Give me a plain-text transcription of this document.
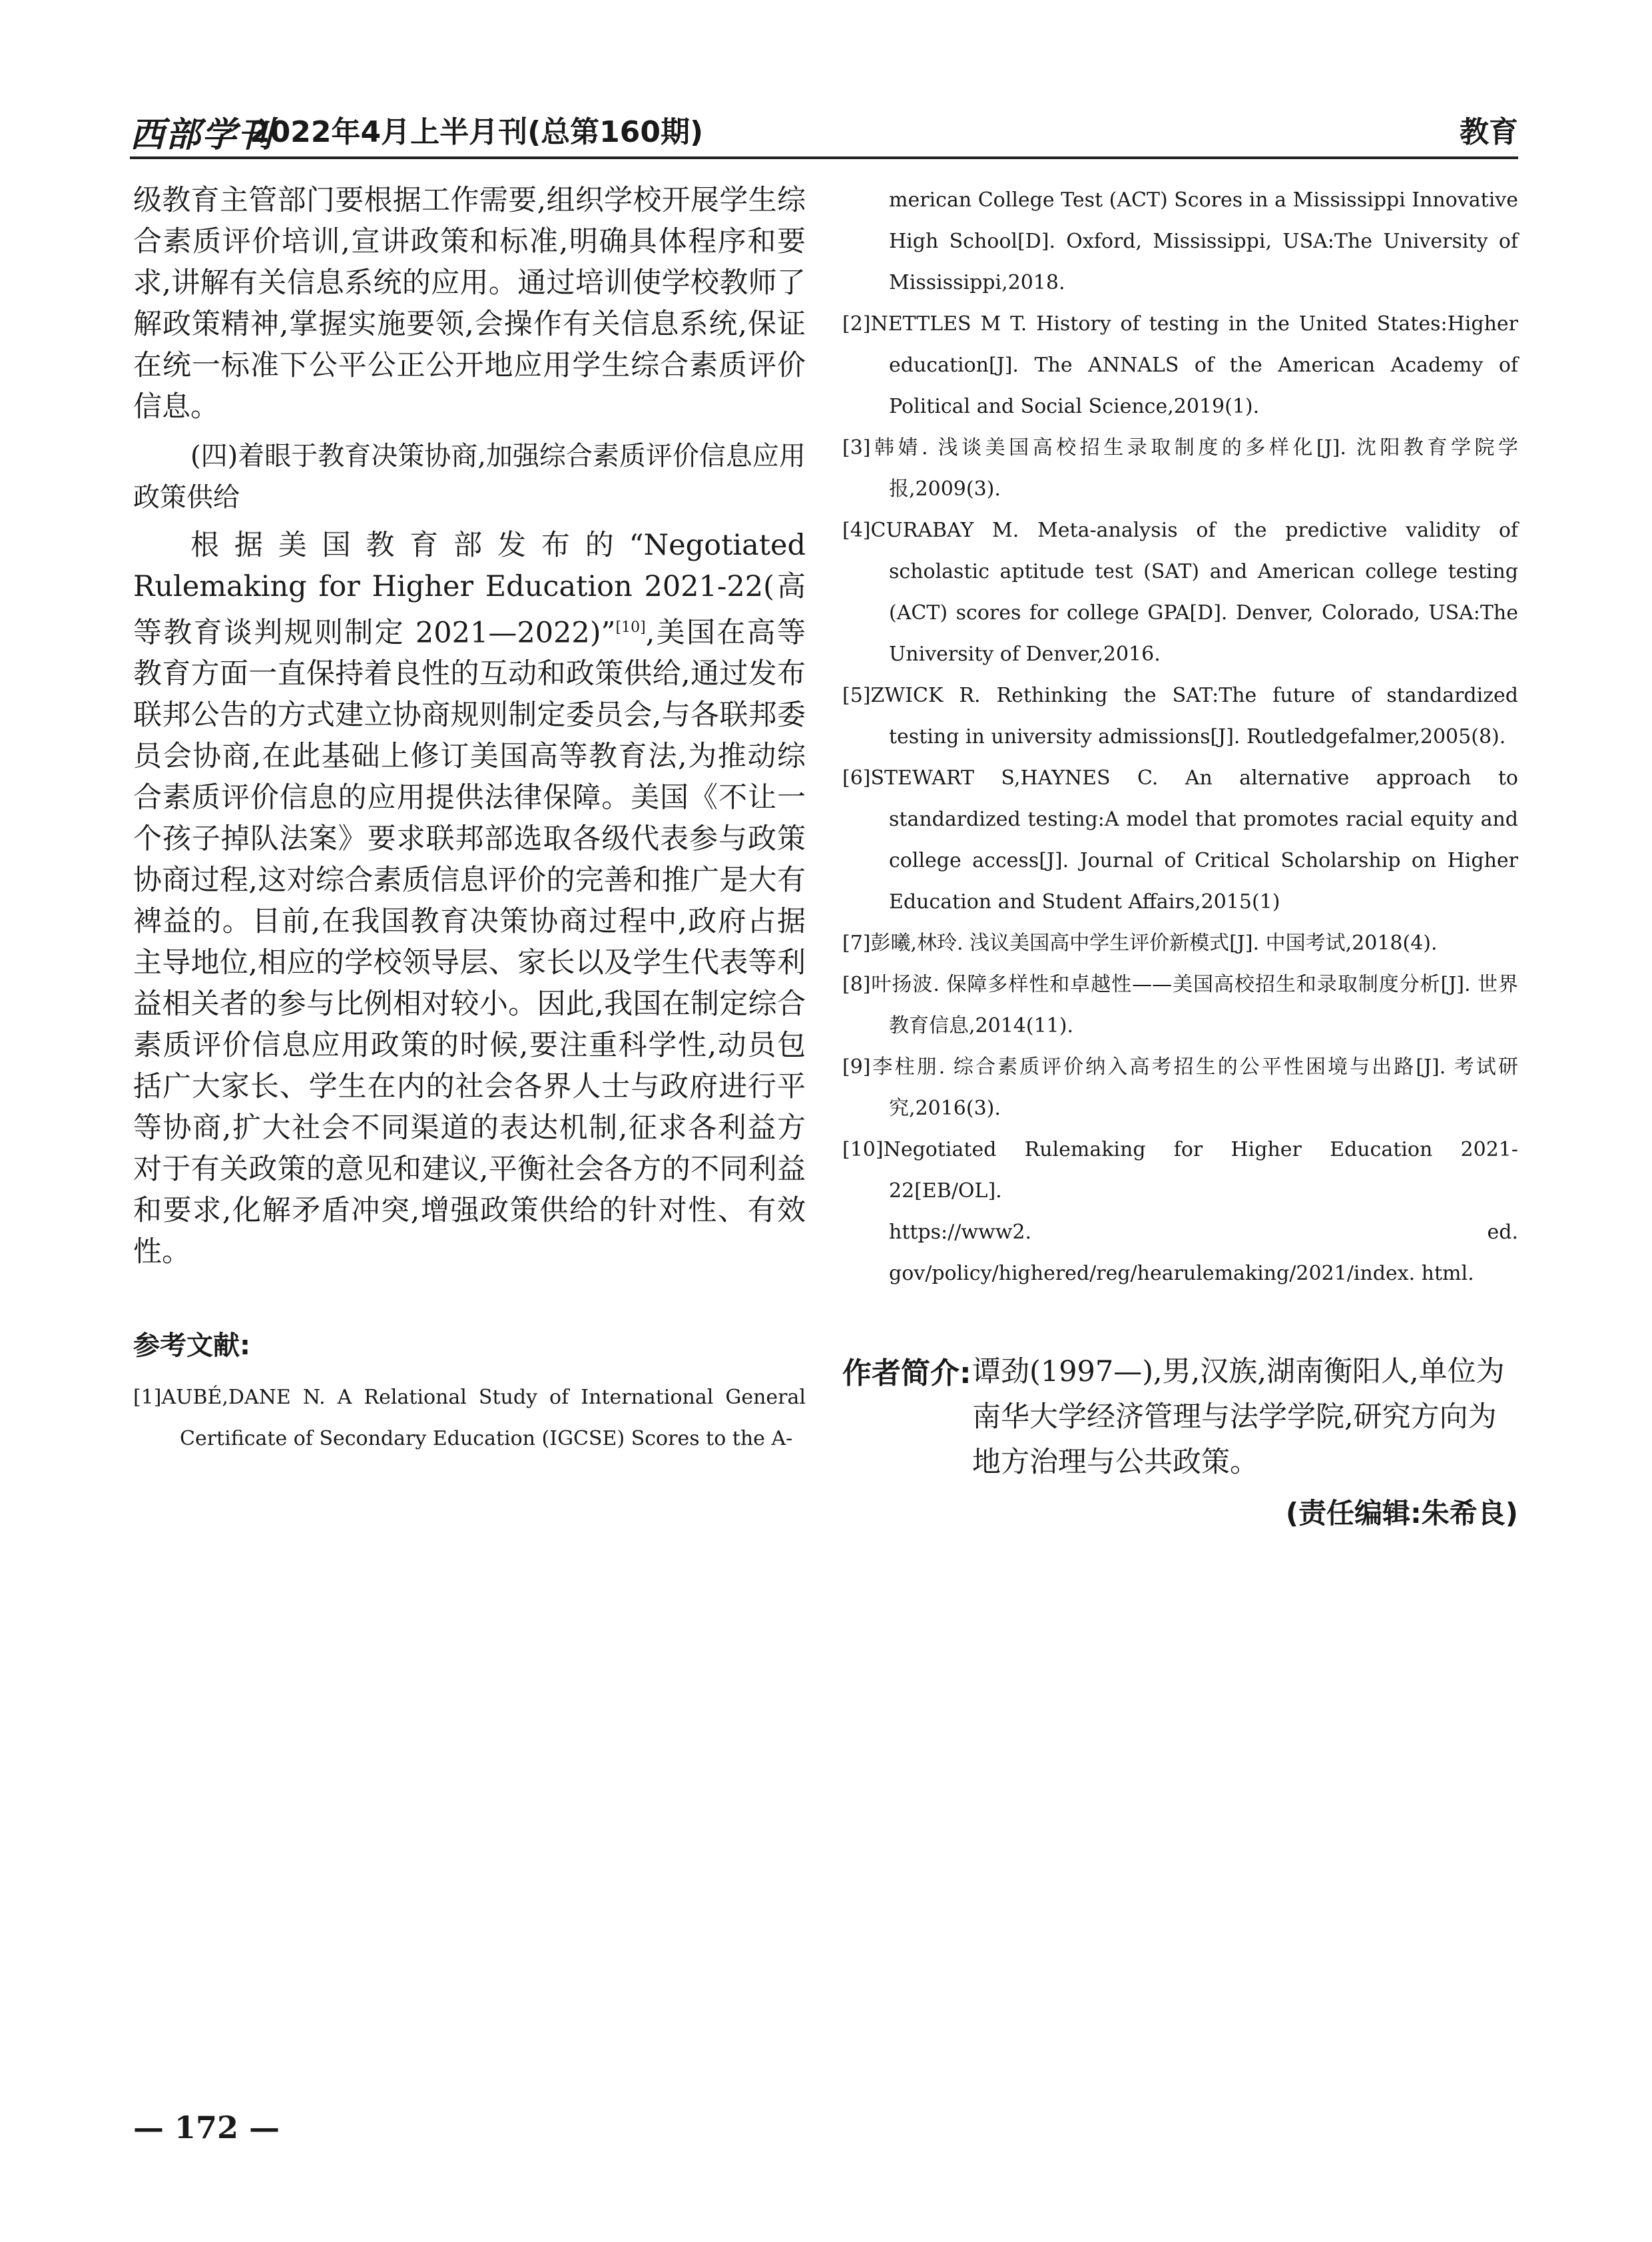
西部学刊
2022年4月上半月刊(总第160期)	教育

级教育主管部门要根据工作需要,组织学校开展学生综合素质评价培训,宣讲政策和标准,明确具体程序和要求,讲解有关信息系统的应用。通过培训使学校教师了解政策精神,掌握实施要领,会操作有关信息系统,保证在统一标准下公平公正公开地应用学生综合素质评价信息。

(四)着眼于教育决策协商,加强综合素质评价信息应用政策供给

根据美国教育部发布的“Negotiated Rulemaking for Higher Education 2021-22(高等教育谈判规则制定 2021—2022)”[10],美国在高等教育方面一直保持着良性的互动和政策供给,通过发布联邦公告的方式建立协商规则制定委员会,与各联邦委员会协商,在此基础上修订美国高等教育法,为推动综合素质评价信息的应用提供法律保障。美国《不让一个孩子掉队法案》要求联邦部选取各级代表参与政策协商过程,这对综合素质信息评价的完善和推广是大有裨益的。目前,在我国教育决策协商过程中,政府占据主导地位,相应的学校领导层、家长以及学生代表等利益相关者的参与比例相对较小。因此,我国在制定综合素质评价信息应用政策的时候,要注重科学性,动员包括广大家长、学生在内的社会各界人士与政府进行平等协商,扩大社会不同渠道的表达机制,征求各利益方对于有关政策的意见和建议,平衡社会各方的不同利益和要求,化解矛盾冲突,增强政策供给的针对性、有效性。

参考文献:

[1]AUBÉ,DANE N. A Relational Study of International General Certificate of Secondary Education (IGCSE) Scores to the A-

merican College Test (ACT) Scores in a Mississippi Innovative High School[D]. Oxford, Mississippi, USA:The University of Mississippi,2018.

[2]NETTLES M T. History of testing in the United States:Higher education[J]. The ANNALS of the American Academy of Political and Social Science,2019(1).

[3]韩婧. 浅谈美国高校招生录取制度的多样化[J]. 沈阳教育学院学报,2009(3).

[4]CURABAY M. Meta-analysis of the predictive validity of scholastic aptitude test (SAT) and American college testing (ACT) scores for college GPA[D]. Denver, Colorado, USA:The University of Denver,2016.

[5]ZWICK R. Rethinking the SAT:The future of standardized testing in university admissions[J]. Routledgefalmer,2005(8).

[6]STEWART S,HAYNES C. An alternative approach to standardized testing:A model that promotes racial equity and college access[J]. Journal of Critical Scholarship on Higher Education and Student Affairs,2015(1)

[7]彭曦,林玲. 浅议美国高中学生评价新模式[J]. 中国考试,2018(4).

[8]叶扬波. 保障多样性和卓越性——美国高校招生和录取制度分析[J]. 世界教育信息,2014(11).

[9]李柱朋. 综合素质评价纳入高考招生的公平性困境与出路[J]. 考试研究,2016(3).

[10]Negotiated Rulemaking for Higher Education 2021-22[EB/OL].

https://www2. ed. gov/policy/highered/reg/hearulemaking/2021/index. html.

作者简介: 谭劲(1997—),男,汉族,湖南衡阳人,单位为南华大学经济管理与法学学院,研究方向为地方治理与公共政策。

(责任编辑:朱希良)
— 172 —
